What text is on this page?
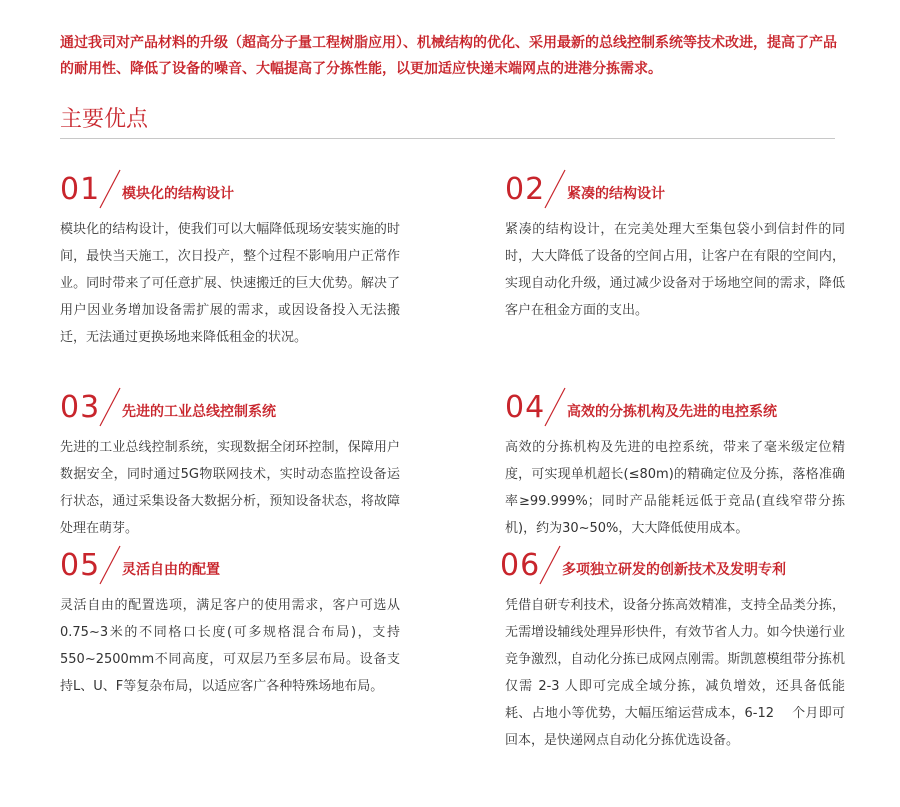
通过我司对产品材料的升级（超高分子量工程树脂应用）、机械结构的优化、采用最新的总线控制系统等技术改进，提高了产品的耐用性、降低了设备的噪音、大幅提高了分拣性能，以更加适应快递末端网点的进港分拣需求。

主要优点
01 模块化的结构设计

模块化的结构设计，使我们可以大幅降低现场安装实施的时间，最快当天施工，次日投产，整个过程不影响用户正常作业。同时带来了可任意扩展、快速搬迁的巨大优势。解决了用户因业务增加设备需扩展的需求，或因设备投入无法搬迁，无法通过更换场地来降低租金的状况。

02 紧凑的结构设计

紧凑的结构设计，在完美处理大至集包袋小到信封件的同时，大大降低了设备的空间占用，让客户在有限的空间内，实现自动化升级，通过减少设备对于场地空间的需求，降低客户在租金方面的支出。

03 先进的工业总线控制系统

先进的工业总线控制系统，实现数据全闭环控制，保障用户数据安全，同时通过5G物联网技术，实时动态监控设备运行状态，通过采集设备大数据分析，预知设备状态，将故障处理在萌芽。

04 高效的分拣机构及先进的电控系统

高效的分拣机构及先进的电控系统，带来了毫米级定位精度，可实现单机超长(≤80m)的精确定位及分拣，落格准确率≥99.999%；同时产品能耗远低于竞品(直线窄带分拣机)，约为30~50%，大大降低使用成本。

05 灵活自由的配置

灵活自由的配置选项，满足客户的使用需求，客户可选从0.75~3米的不同格口长度(可多规格混合布局)，支持550~2500mm不同高度，可双层乃至多层布局。设备支持L、U、F等复杂布局，以适应客广各种特殊场地布局。

06 多项独立研发的创新技术及发明专利

凭借自研专利技术，设备分拣高效精准，支持全品类分拣，无需增设辅线处理异形快件，有效节省人力。如今快递行业竞争激烈，自动化分拣已成网点刚需。斯凯蒽模组带分拣机仅需 2-3 人即可完成全域分拣，减负增效，还具备低能耗、占地小等优势，大幅压缩运营成本，6-12　 个月即可回本，是快递网点自动化分拣优选设备。
